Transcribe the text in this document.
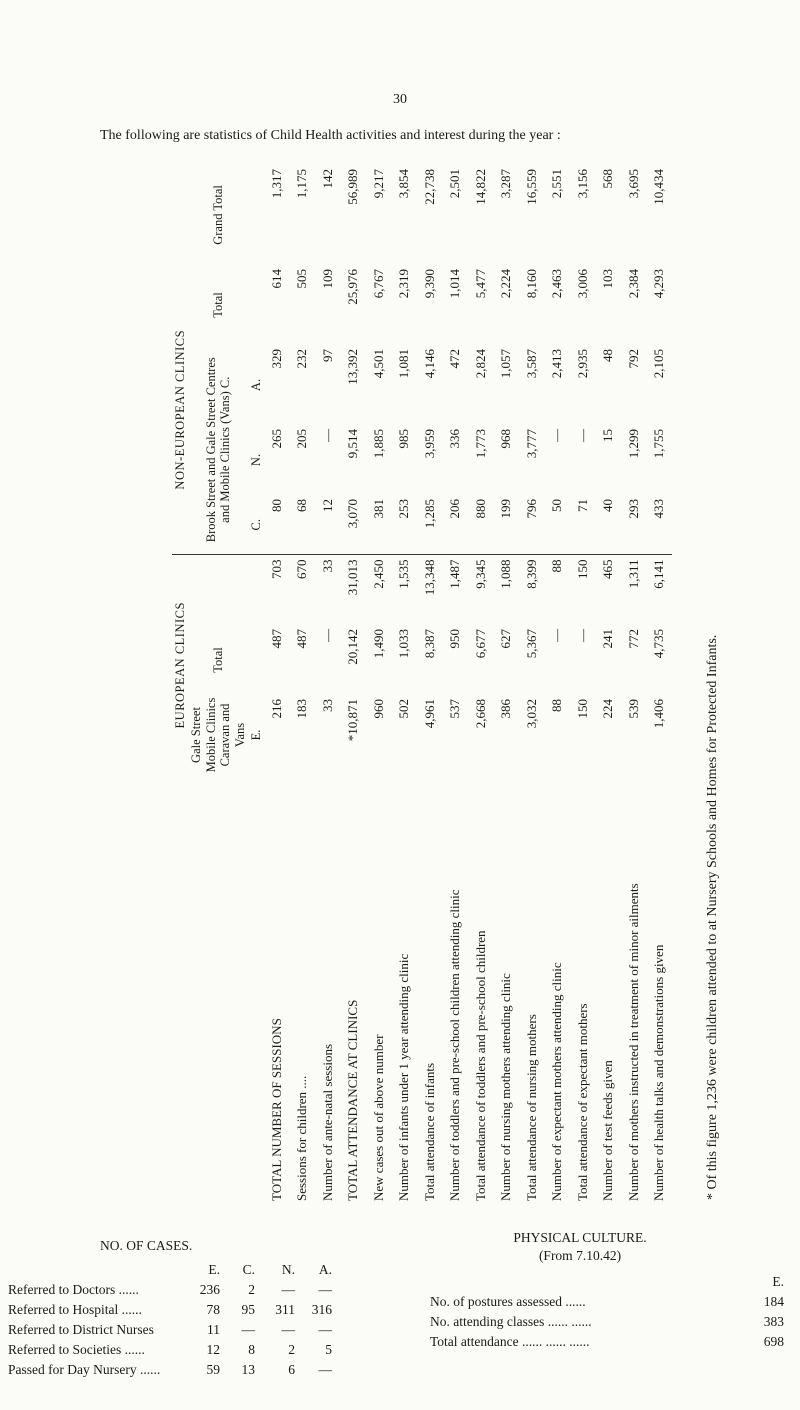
30
The following are statistics of Child Health activities and interest during the year :
	EUROPEAN CLINICS			NON-EUROPEAN CLINICS				
	Gale Street Mobile Clinics Caravan and Vans	Total		Brook Street and Gale Street Centres and Mobile Clinics (Vans) C.			Total	Grand Total
	E.			C.	N.	A.		
TOTAL NUMBER OF SESSIONS	216	487	703	80	265	329	614	1,317
Sessions for children ....	183	487	670	68	205	232	505	1,175
Number of ante-natal sessions	33	—	33	12	—	97	109	142
TOTAL ATTENDANCE AT CLINICS	*10,871	20,142	31,013	3,070	9,514	13,392	25,976	56,989
New cases out of above number	960	1,490	2,450	381	1,885	4,501	6,767	9,217
Number of infants under 1 year attending clinic	502	1,033	1,535	253	985	1,081	2,319	3,854
Total attendance of infants	4,961	8,387	13,348	1,285	3,959	4,146	9,390	22,738
Number of toddlers and pre-school children attending clinic	537	950	1,487	206	336	472	1,014	2,501
Total attendance of toddlers and pre-school children	2,668	6,677	9,345	880	1,773	2,824	5,477	14,822
Number of nursing mothers attending clinic	386	627	1,088	199	968	1,057	2,224	3,287
Total attendance of nursing mothers	3,032	5,367	8,399	796	3,777	3,587	8,160	16,559
Number of expectant mothers attending clinic	88	—	88	50	—	2,413	2,463	2,551
Total attendance of expectant mothers	150	—	150	71	—	2,935	3,006	3,156
Number of test feeds given	224	241	465	40	15	48	103	568
Number of mothers instructed in treatment of minor ailments	539	772	1,311	293	1,299	792	2,384	3,695
Number of health talks and demonstrations given	1,406	4,735	6,141	433	1,755	2,105	4,293	10,434
* Of this figure 1,236 were children attended to at Nursery Schools and Homes for Protected Infants.
NO. OF CASES.
E.	C.	N.	A.
Referred to Doctors ......	236	2	—	—
Referred to Hospital ......	78	95	311	316
Referred to District Nurses	11	—	—	—
Referred to Societies ......	12	8	2	5
Passed for Day Nursery ......	59	13	6	—
PHYSICAL CULTURE.
(From 7.10.42)
E.
No. of postures assessed ......	184
No. attending classes ...... ......	383
Total attendance ...... ...... ......	698
